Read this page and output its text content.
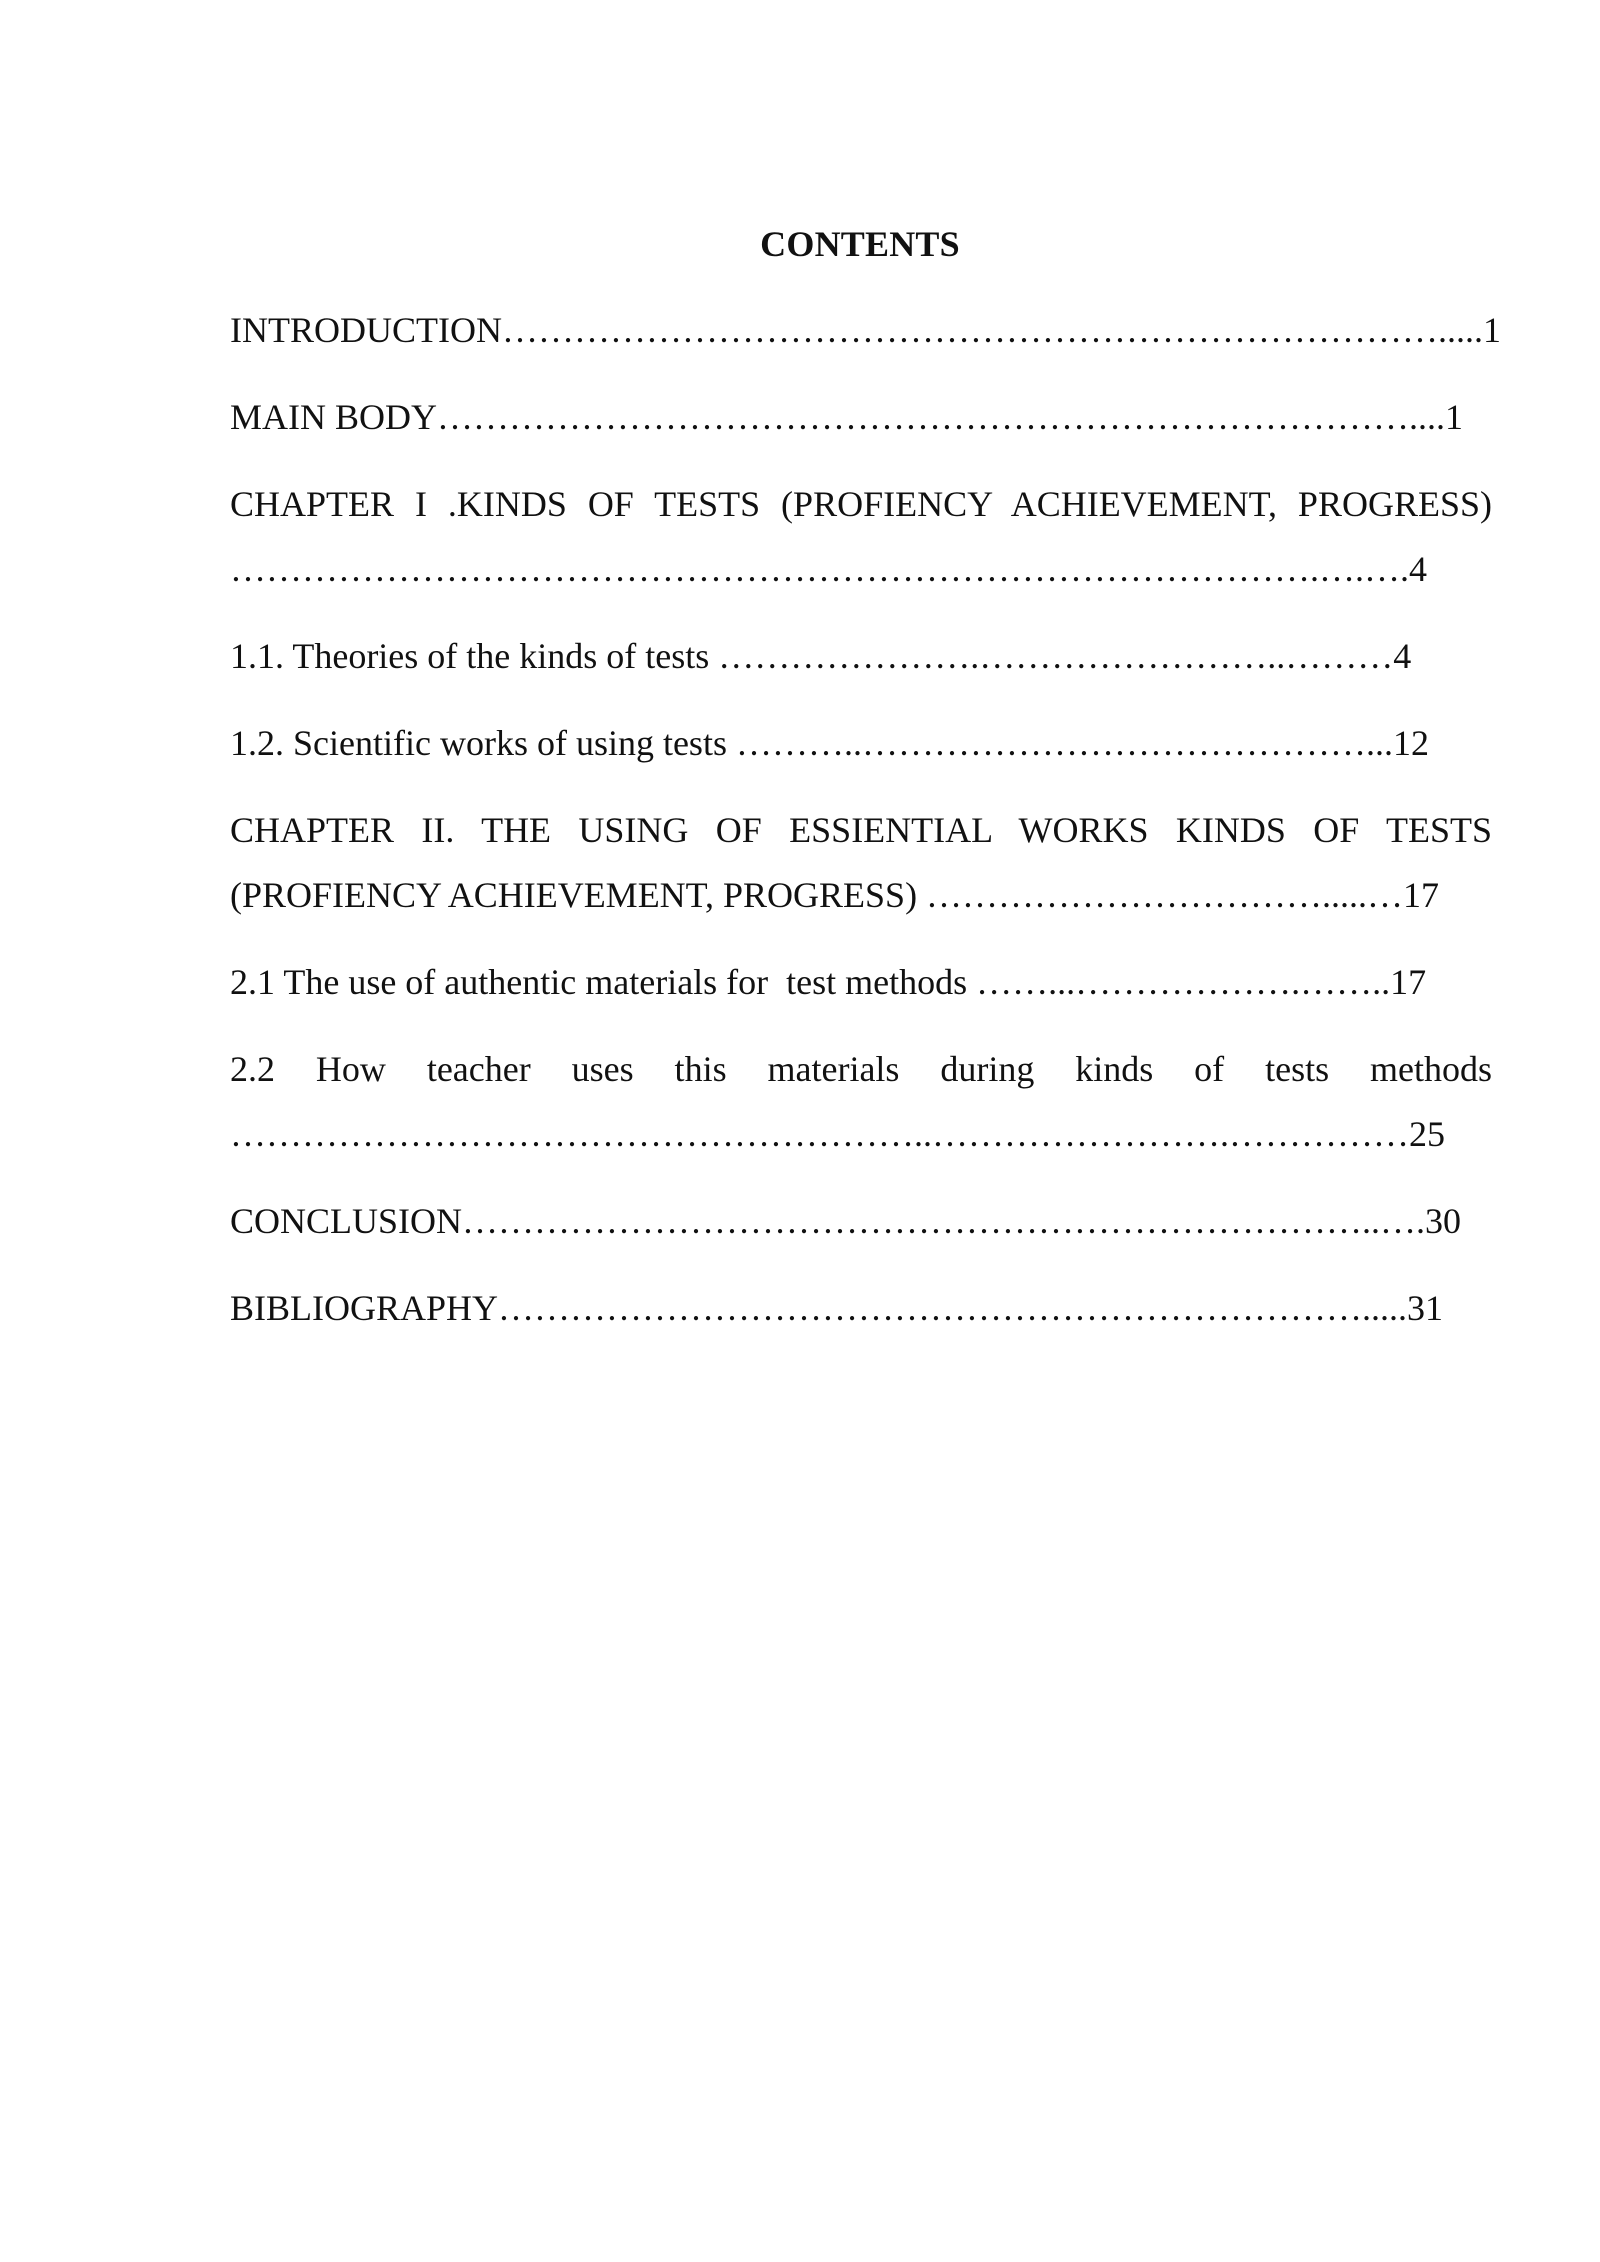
CONTENTS
INTRODUCTION…………………………………………………………………….....1
MAIN BODY………………………………………………………………………....1
CHAPTER I .KINDS OF TESTS (PROFIENCY ACHIEVEMENT, PROGRESS)
……………………………………………………………………………….….….4
1.1. Theories of the kinds of tests ………………….……………………..………4
1.2. Scientific works of using tests ………..……………………………………...12
CHAPTER II. THE USING OF ESSIENTIAL WORKS KINDS OF TESTS
(PROFIENCY ACHIEVEMENT, PROGRESS) …………………………….....…17
2.1 The use of authentic materials for  test methods ……...……………….……..17
2.2 How teacher uses this materials during kinds of tests methods
…………………………………………………..…………………….……………25
CONCLUSION…………………………………………………………………..….30
BIBLIOGRAPHY……………………………………………………………….....31
